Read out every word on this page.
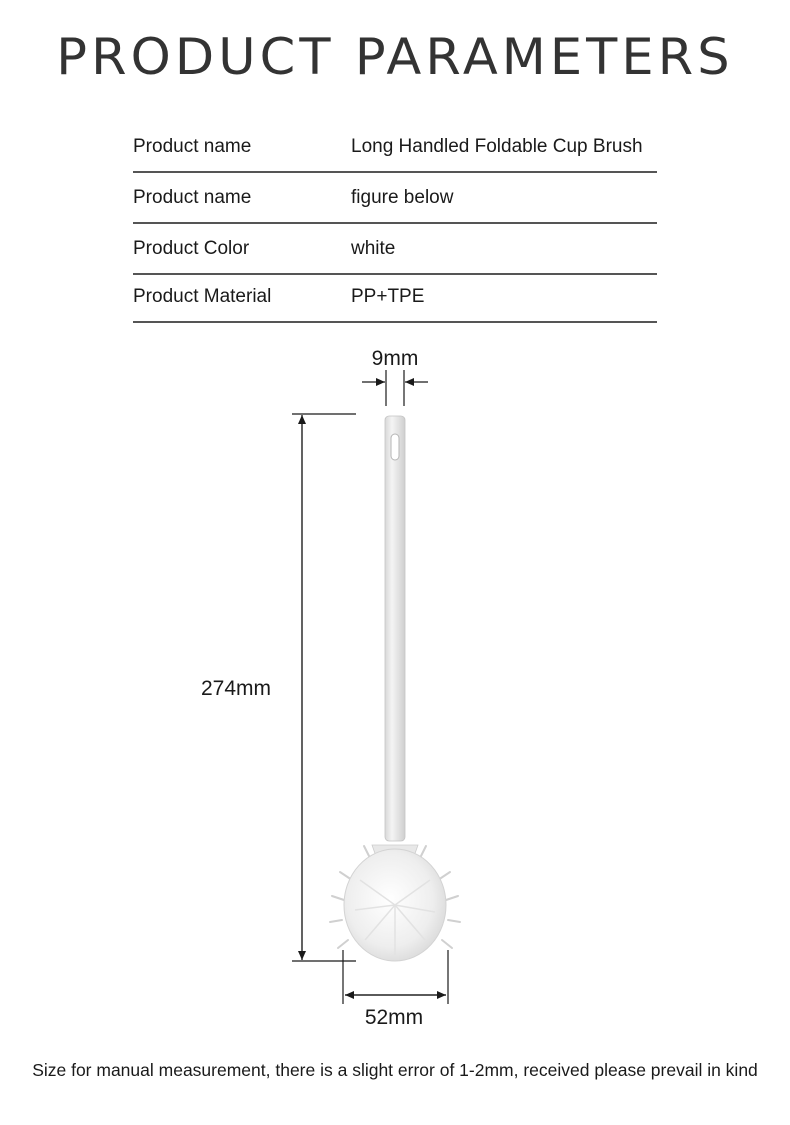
PRODUCT PARAMETERS
Product name	Long Handled Foldable Cup Brush
Product name	figure below
Product Color	white
Product Material	PP+TPE
9mm
274mm
52mm
Size for manual measurement, there is a slight error of 1-2mm, received please prevail in kind
